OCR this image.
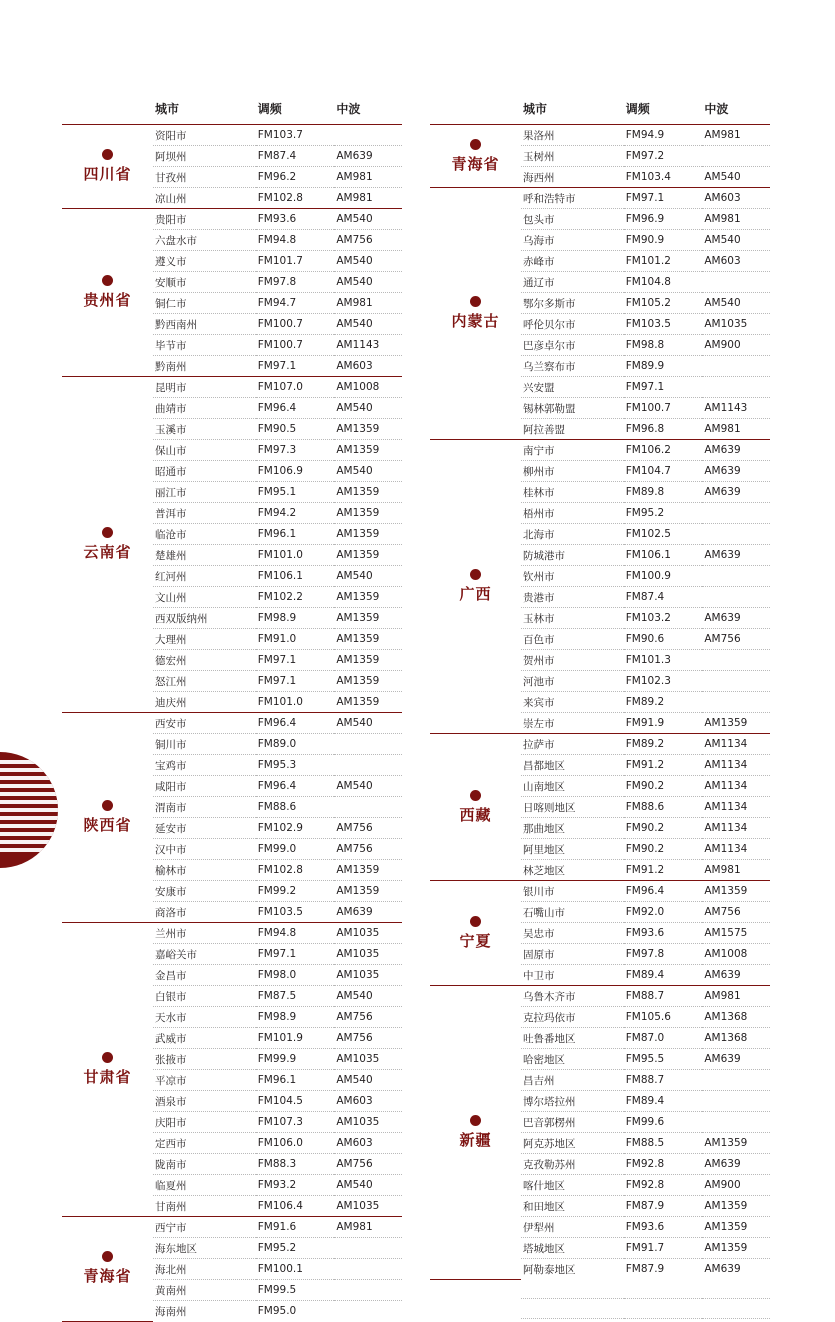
	城市	调频	中波

四川省	资阳市	FM103.7	
	阿坝州	FM87.4	AM639
	甘孜州	FM96.2	AM981
	凉山州	FM102.8	AM981

贵州省	贵阳市	FM93.6	AM540
	六盘水市	FM94.8	AM756
	遵义市	FM101.7	AM540
	安顺市	FM97.8	AM540
	铜仁市	FM94.7	AM981
	黔西南州	FM100.7	AM540
	毕节市	FM100.7	AM1143
	黔南州	FM97.1	AM603

云南省	昆明市	FM107.0	AM1008
	曲靖市	FM96.4	AM540
	玉溪市	FM90.5	AM1359
	保山市	FM97.3	AM1359
	昭通市	FM106.9	AM540
	丽江市	FM95.1	AM1359
	普洱市	FM94.2	AM1359
	临沧市	FM96.1	AM1359
	楚雄州	FM101.0	AM1359
	红河州	FM106.1	AM540
	文山州	FM102.2	AM1359
	西双版纳州	FM98.9	AM1359
	大理州	FM91.0	AM1359
	德宏州	FM97.1	AM1359
	怒江州	FM97.1	AM1359
	迪庆州	FM101.0	AM1359

陕西省	西安市	FM96.4	AM540
	铜川市	FM89.0	
	宝鸡市	FM95.3	
	咸阳市	FM96.4	AM540
	渭南市	FM88.6	
	延安市	FM102.9	AM756
	汉中市	FM99.0	AM756
	榆林市	FM102.8	AM1359
	安康市	FM99.2	AM1359
	商洛市	FM103.5	AM639

甘肃省	兰州市	FM94.8	AM1035
	嘉峪关市	FM97.1	AM1035
	金昌市	FM98.0	AM1035
	白银市	FM87.5	AM540
	天水市	FM98.9	AM756
	武威市	FM101.9	AM756
	张掖市	FM99.9	AM1035
	平凉市	FM96.1	AM540
	酒泉市	FM104.5	AM603
	庆阳市	FM107.3	AM1035
	定西市	FM106.0	AM603
	陇南市	FM88.3	AM756
	临夏州	FM93.2	AM540
	甘南州	FM106.4	AM1035

青海省	西宁市	FM91.6	AM981
	海东地区	FM95.2	
	海北州	FM100.1	
	黄南州	FM99.5	
	海南州	FM95.0	
	城市	调频	中波

青海省	果洛州	FM94.9	AM981
	玉树州	FM97.2	
	海西州	FM103.4	AM540

内蒙古	呼和浩特市	FM97.1	AM603
	包头市	FM96.9	AM981
	乌海市	FM90.9	AM540
	赤峰市	FM101.2	AM603
	通辽市	FM104.8	
	鄂尔多斯市	FM105.2	AM540
	呼伦贝尔市	FM103.5	AM1035
	巴彦卓尔市	FM98.8	AM900
	乌兰察布市	FM89.9	
	兴安盟	FM97.1	
	锡林郭勒盟	FM100.7	AM1143
	阿拉善盟	FM96.8	AM981

广西	南宁市	FM106.2	AM639
	柳州市	FM104.7	AM639
	桂林市	FM89.8	AM639
	梧州市	FM95.2	
	北海市	FM102.5	
	防城港市	FM106.1	AM639
	钦州市	FM100.9	
	贵港市	FM87.4	
	玉林市	FM103.2	AM639
	百色市	FM90.6	AM756
	贺州市	FM101.3	
	河池市	FM102.3	
	来宾市	FM89.2	
	崇左市	FM91.9	AM1359

西藏	拉萨市	FM89.2	AM1134
	昌都地区	FM91.2	AM1134
	山南地区	FM90.2	AM1134
	日喀则地区	FM88.6	AM1134
	那曲地区	FM90.2	AM1134
	阿里地区	FM90.2	AM1134
	林芝地区	FM91.2	AM981

宁夏	银川市	FM96.4	AM1359
	石嘴山市	FM92.0	AM756
	吴忠市	FM93.6	AM1575
	固原市	FM97.8	AM1008
	中卫市	FM89.4	AM639

新疆	乌鲁木齐市	FM88.7	AM981
	克拉玛依市	FM105.6	AM1368
	吐鲁番地区	FM87.0	AM1368
	哈密地区	FM95.5	AM639
	昌吉州	FM88.7	
	博尔塔拉州	FM89.4	
	巴音郭楞州	FM99.6	
	阿克苏地区	FM88.5	AM1359
	克孜勒苏州	FM92.8	AM639
	喀什地区	FM92.8	AM900
	和田地区	FM87.9	AM1359
	伊犁州	FM93.6	AM1359
	塔城地区	FM91.7	AM1359
	阿勒泰地区	FM87.9	AM639
